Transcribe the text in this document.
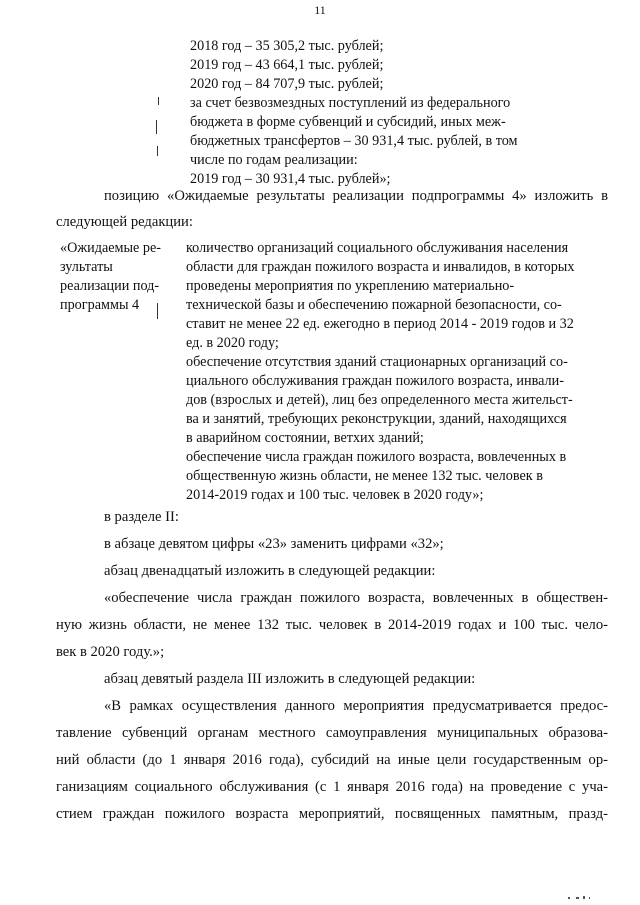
11
2018 год – 35 305,2 тыс. рублей;
2019 год – 43 664,1 тыс. рублей;
2020 год – 84 707,9 тыс. рублей;
за счет безвозмездных поступлений из федерального
бюджета в форме субвенций и субсидий, иных меж-
бюджетных трансфертов – 30 931,4 тыс. рублей, в том
числе по годам реализации:
2019 год – 30 931,4 тыс. рублей»;
позицию «Ожидаемые результаты реализации подпрограммы 4» изложить в
следующей редакции:
«Ожидаемые ре-
зультаты
реализации под-
программы 4
количество организаций социального обслуживания населения
области для граждан пожилого возраста и инвалидов, в которых
проведены мероприятия по укреплению материально-
технической базы и обеспечению пожарной безопасности, со-
ставит не менее 22 ед. ежегодно в период 2014 - 2019 годов и 32
ед. в 2020 году;
обеспечение отсутствия зданий стационарных организаций со-
циального обслуживания граждан пожилого возраста, инвали-
дов (взрослых и детей), лиц без определенного места жительст-
ва и занятий, требующих реконструкции, зданий, находящихся
в аварийном состоянии, ветхих зданий;
обеспечение числа граждан пожилого возраста, вовлеченных в
общественную жизнь области, не менее 132 тыс. человек в
2014-2019 годах и 100 тыс. человек в 2020 году»;
в разделе II:
в абзаце девятом цифры «23» заменить цифрами «32»;
абзац двенадцатый изложить в следующей редакции:
«обеспечение числа граждан пожилого возраста, вовлеченных в обществен-
ную жизнь области, не менее 132 тыс. человек в 2014-2019 годах и 100 тыс. чело-
век в 2020 году.»;
абзац девятый раздела III изложить в следующей редакции:
«В рамках осуществления данного мероприятия предусматривается предос-
тавление субвенций органам местного самоуправления муниципальных образова-
ний области (до 1 января 2016 года), субсидий на иные цели государственным ор-
ганизациям социального обслуживания (с 1 января 2016 года) на проведение с уча-
стием граждан пожилого возраста мероприятий, посвященных памятным, празд-
